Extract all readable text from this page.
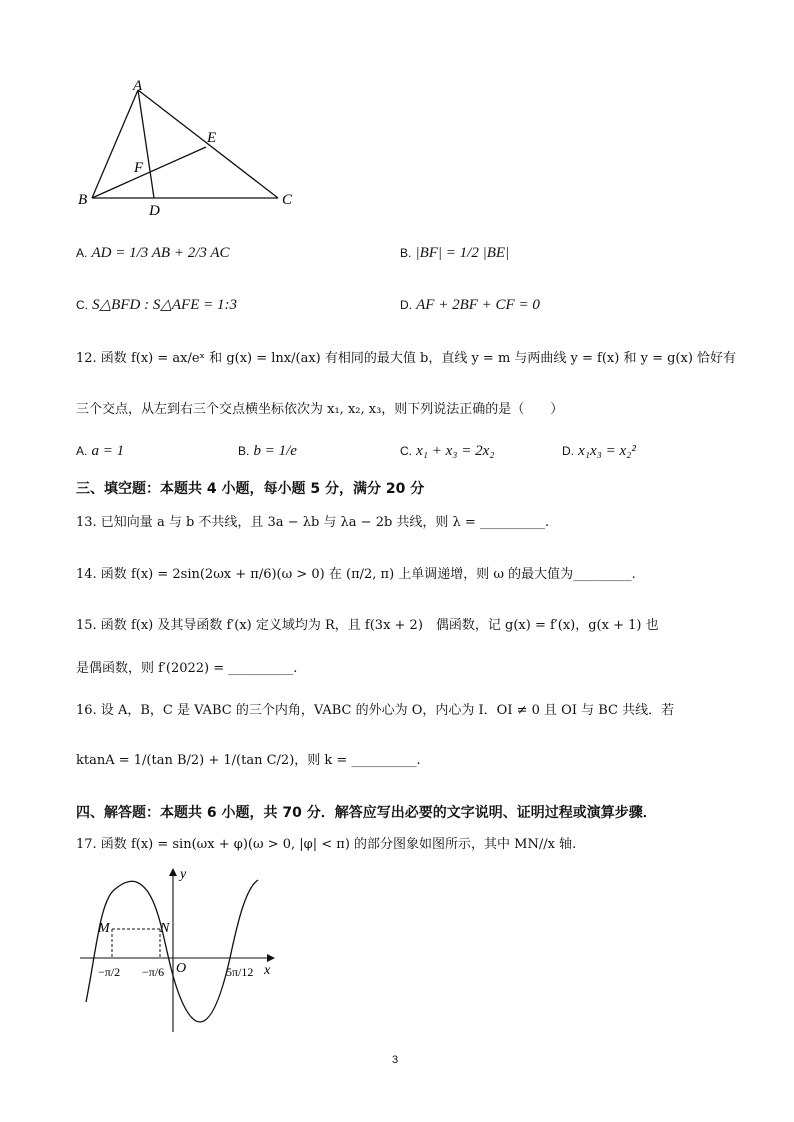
A
B	C
D
E
F
A. AD = 1/3 AB + 2/3 AC	B. |BF| = 1/2 |BE|
C. S△BFD : S△AFE = 1:3	D. AF + 2BF + CF = 0
12. 函数 f(x) = ax/eˣ 和 g(x) = lnx/(ax) 有相同的最大值 b，直线 y = m 与两曲线 y = f(x) 和 y = g(x) 恰好有
三个交点，从左到右三个交点横坐标依次为 x₁, x₂, x₃，则下列说法正确的是（　　）
A. a = 1	B. b = 1/e	C. x₁ + x₃ = 2x₂	D. x₁x₃ = x₂²
三、填空题：本题共 4 小题，每小题 5 分，满分 20 分
13. 已知向量 a 与 b 不共线，且 3a − λb 与 λa − 2b 共线，则 λ = __________.
14. 函数 f(x) = 2sin(2ωx + π/6)(ω > 0) 在 (π/2, π) 上单调递增，则 ω 的最大值为_________.
15. 函数 f(x) 及其导函数 f′(x) 定义域均为 R，且 f(3x + 2)　偶函数，记 g(x) = f′(x)，g(x + 1) 也
是偶函数，则 f′(2022) = __________.
16. 设 A，B，C 是 VABC 的三个内角，VABC 的外心为 O，内心为 I．OI ≠ 0 且 OI 与 BC 共线．若
ktanA = 1/(tan B/2) + 1/(tan C/2)，则 k = __________.
四、解答题：本题共 6 小题，共 70 分．解答应写出必要的文字说明、证明过程或演算步骤．
17. 函数 f(x) = sin(ωx + φ)(ω > 0, |φ| < π) 的部分图象如图所示，其中 MN//x 轴.
y
x
O
M	N
−π/2 −π/6	5π/12
3
